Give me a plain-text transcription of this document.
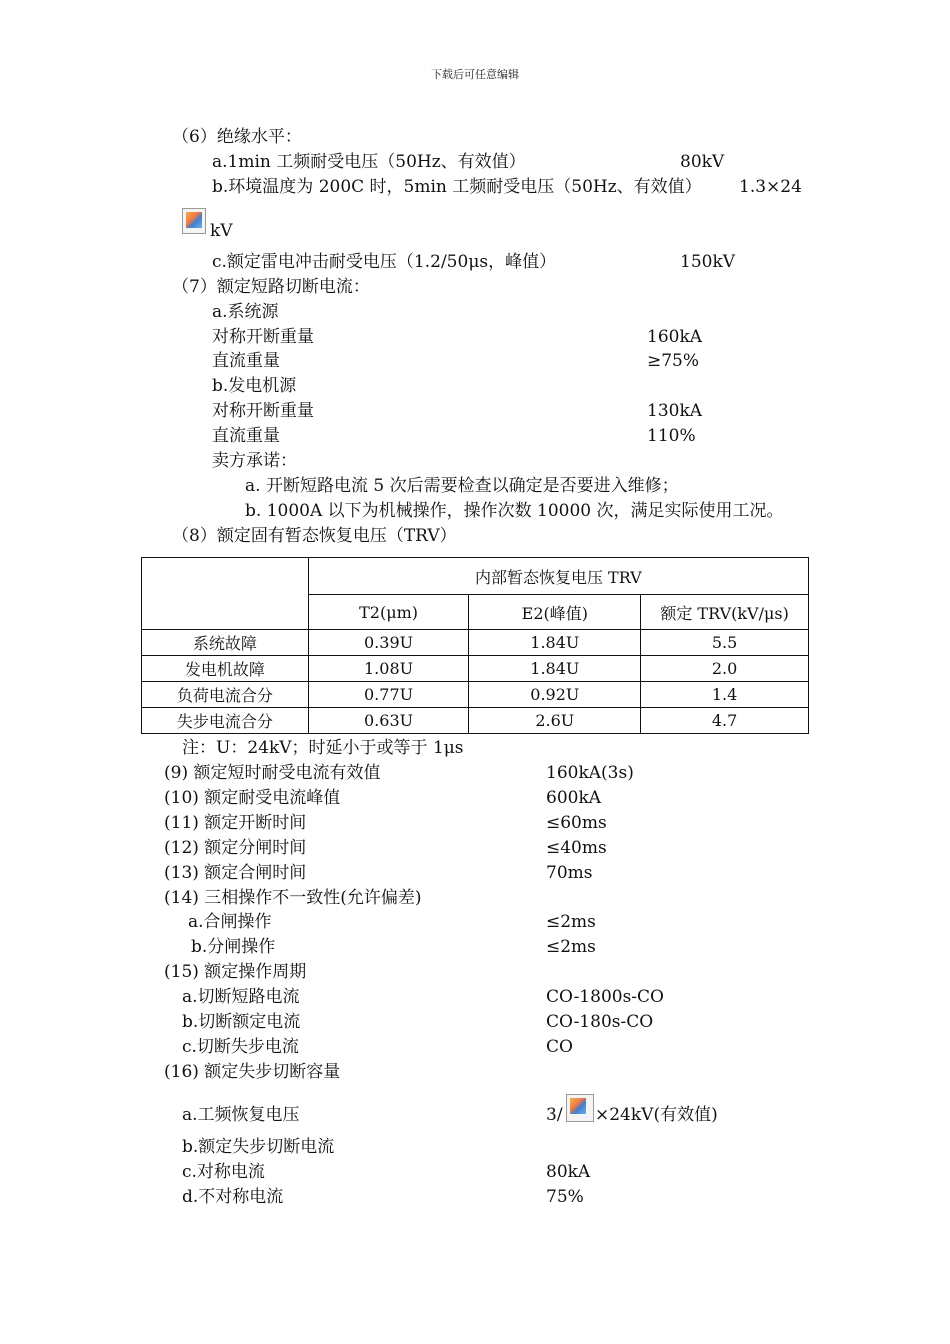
下载后可任意编辑
（6）绝缘水平：
a.1min 工频耐受电压（50Hz、有效值）	80kV
b.环境温度为 200C 时，5min 工频耐受电压（50Hz、有效值） 1.3×24
kV
c.额定雷电冲击耐受电压（1.2/50μs，峰值）	150kV
（7）额定短路切断电流：
a.系统源
对称开断重量	160kA
直流重量	≥75%
b.发电机源
对称开断重量	130kA
直流重量	110%
卖方承诺：
a. 开断短路电流 5 次后需要检查以确定是否要进入维修；
b. 1000A 以下为机械操作，操作次数 10000 次，满足实际使用工况。
（8）额定固有暂态恢复电压（TRV）
	内部暂态恢复电压 TRV		
	T2(μm)	E2(峰值)	额定 TRV(kV/μs)
系统故障	0.39U	1.84U	5.5
发电机故障	1.08U	1.84U	2.0
负荷电流合分	0.77U	0.92U	1.4
失步电流合分	0.63U	2.6U	4.7
注：U：24kV；时延小于或等于 1μs
(9) 额定短时耐受电流有效值	160kA(3s)
(10) 额定耐受电流峰值	600kA
(11) 额定开断时间	≤60ms
(12) 额定分闸时间	≤40ms
(13) 额定合闸时间	70ms
(14) 三相操作不一致性(允许偏差)
a.合闸操作	≤2ms
b.分闸操作	≤2ms
(15) 额定操作周期
a.切断短路电流	CO-1800s-CO
b.切断额定电流	CO-180s-CO
c.切断失步电流	CO
(16) 额定失步切断容量
a.工频恢复电压	3/ ×24kV(有效值)
b.额定失步切断电流
c.对称电流	80kA
d.不对称电流	75%
